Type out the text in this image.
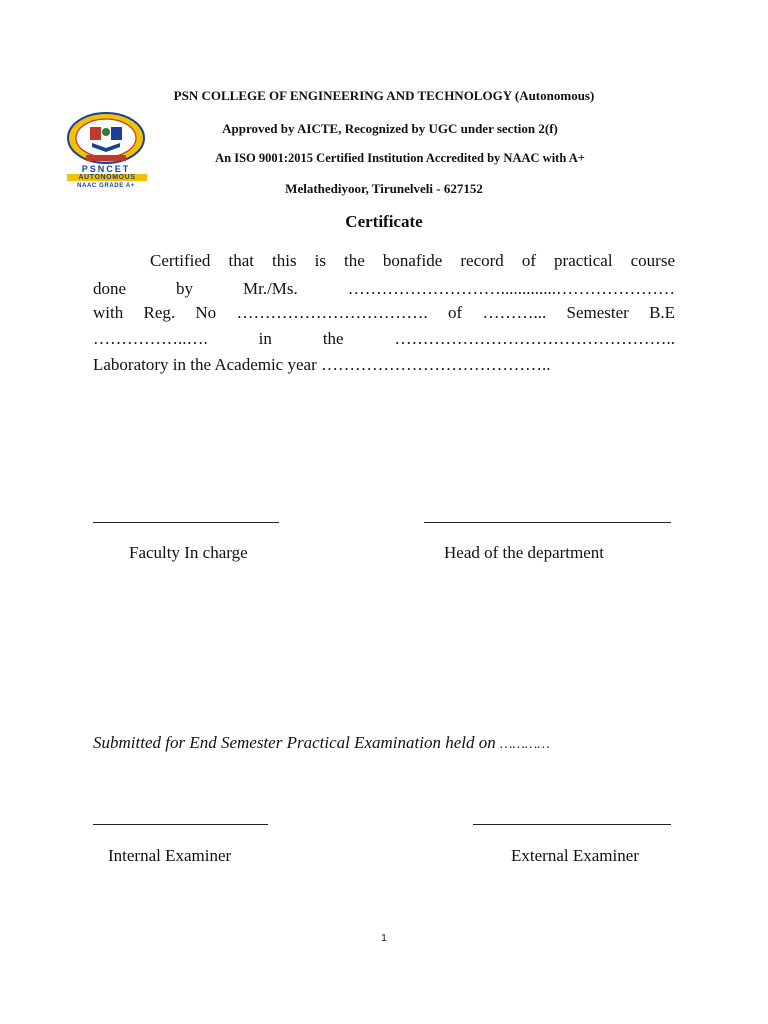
PSNCET
AUTONOMOUS
NAAC GRADE A+
PSN COLLEGE OF ENGINEERING AND TECHNOLOGY (Autonomous)
Approved by AICTE, Recognized by UGC under section 2(f)
An ISO 9001:2015 Certified Institution Accredited by NAAC with A+
Melathediyoor, Tirunelveli - 627152
Certificate
Certified that this is the bonafide record of practical course
done by Mr./Ms.	……………………….............…………………
with Reg. No ……………………………. of ………... Semester B.E
……………..….	in	the	…………………………………………..
Laboratory in the Academic year …………………………………..
Faculty In charge	Head of the department
Submitted for End Semester Practical Examination held on …………
Internal Examiner	External Examiner
1
